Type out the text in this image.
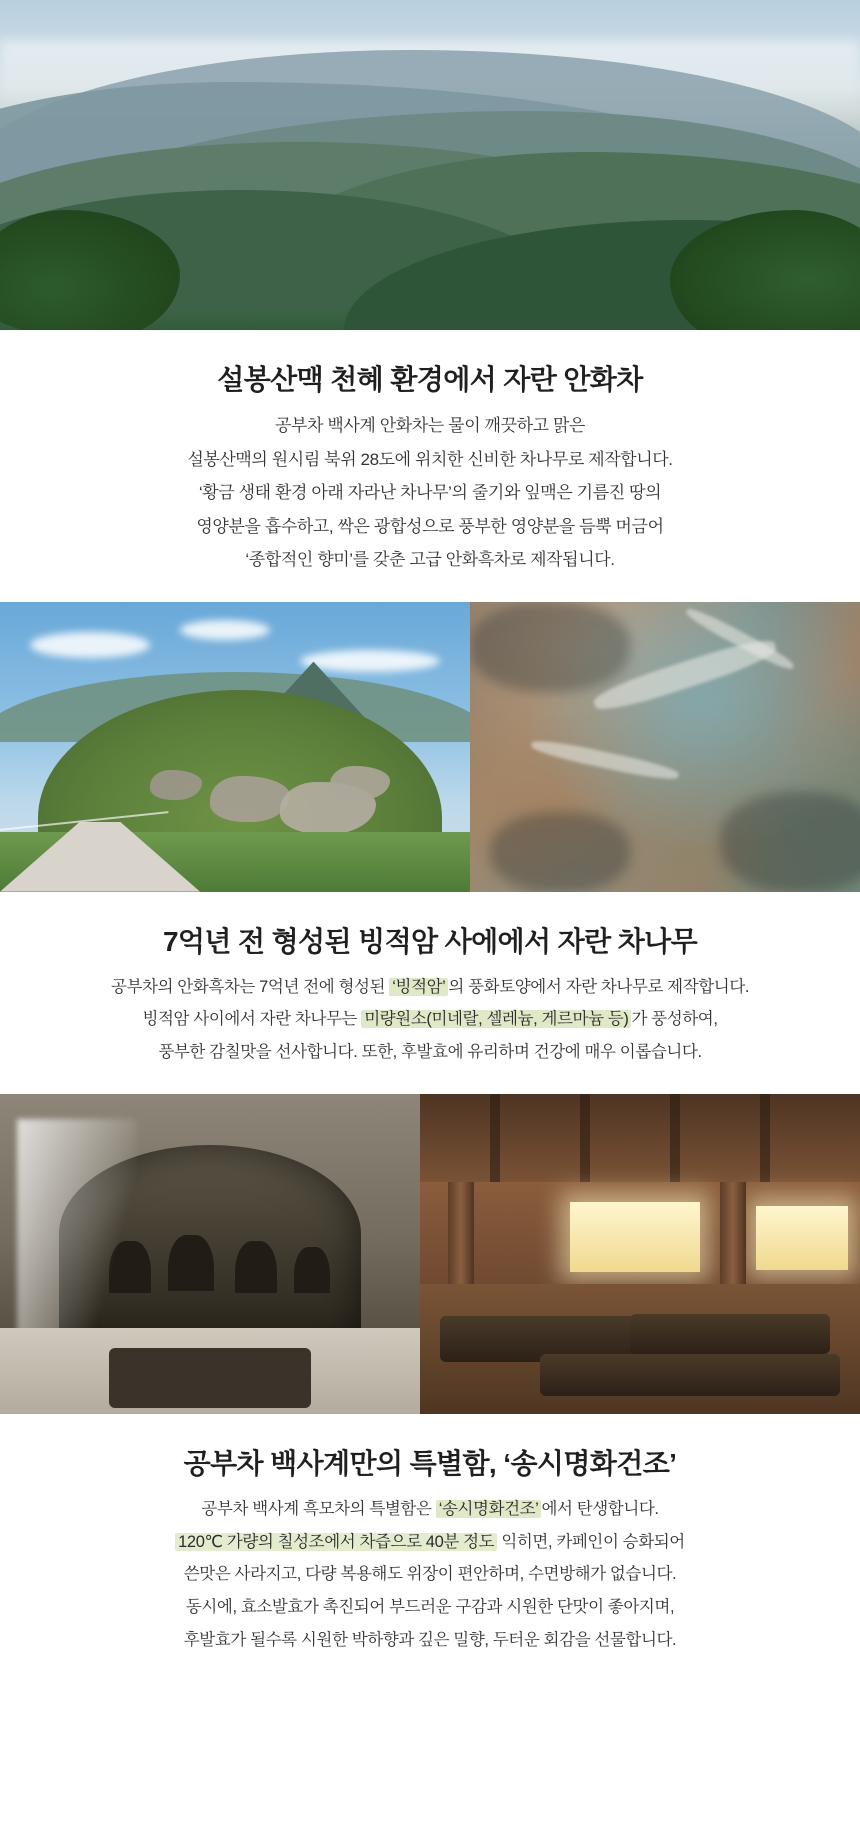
설봉산맥 천혜 환경에서 자란 안화차

공부차 백사계 안화차는 물이 깨끗하고 맑은

설봉산맥의 원시림 북위 28도에 위치한 신비한 차나무로 제작합니다.

‘황금 생태 환경 아래 자라난 차나무’의 줄기와 잎맥은 기름진 땅의

영양분을 흡수하고, 싹은 광합성으로 풍부한 영양분을 듬뿍 머금어

‘종합적인 향미’를 갖춘 고급 안화흑차로 제작됩니다.

7억년 전 형성된 빙적암 사에에서 자란 차나무

공부차의 안화흑차는 7억년 전에 형성된 ‘빙적암’ 의 풍화토양에서 자란 차나무로 제작합니다.

빙적암 사이에서 자란 차나무는 미량원소(미네랄, 셀레늄, 게르마늄 등) 가 풍성하여,

풍부한 감칠맛을 선사합니다. 또한, 후발효에 유리하며 건강에 매우 이롭습니다.

공부차 백사계만의 특별함, ‘송시명화건조’

공부차 백사계 흑모차의 특별함은 ‘송시명화건조’ 에서 탄생합니다.

120℃ 가량의 칠성조에서 차즙으로 40분 정도 익히면, 카페인이 승화되어

쓴맛은 사라지고, 다량 복용해도 위장이 편안하며, 수면방해가 없습니다.

동시에, 효소발효가 촉진되어 부드러운 구감과 시원한 단맛이 좋아지며,

후발효가 될수록 시원한 박하향과 깊은 밀향, 두터운 회감을 선물합니다.
